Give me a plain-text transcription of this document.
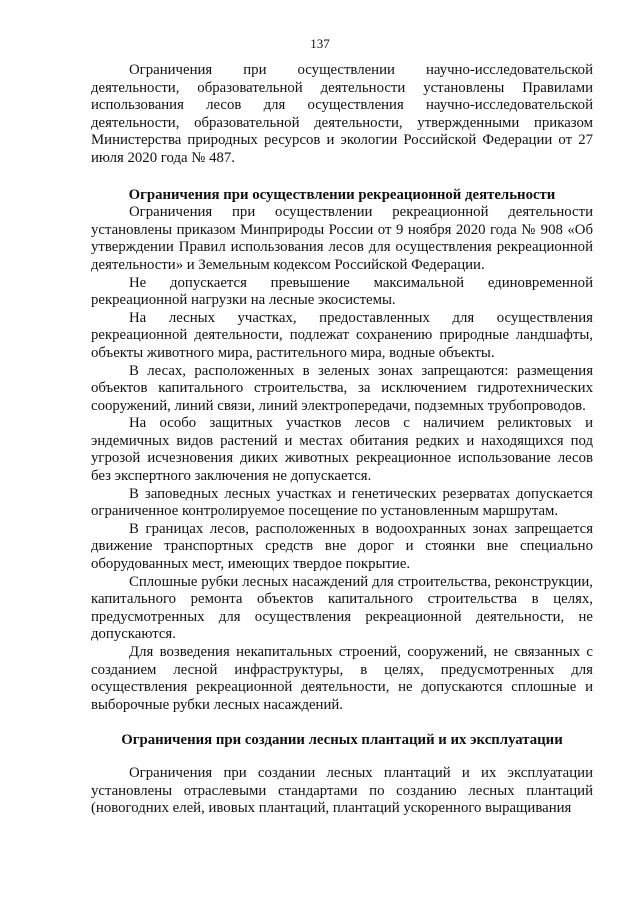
137

Ограничения при осуществлении научно-исследовательской деятельности, образовательной деятельности установлены Правилами использования лесов для осуществления научно-исследовательской деятельности, образовательной деятельности, утвержденными приказом Министерства природных ресурсов и экологии Российской Федерации от 27 июля 2020 года № 487.

Ограничения при осуществлении рекреационной деятельности

Ограничения при осуществлении рекреационной деятельности установлены приказом Минприроды России от 9 ноября 2020 года № 908 «Об утверждении Правил использования лесов для осуществления рекреационной деятельности» и Земельным кодексом Российской Федерации.

Не допускается превышение максимальной единовременной рекреационной нагрузки на лесные экосистемы.

На лесных участках, предоставленных для осуществления рекреационной деятельности, подлежат сохранению природные ландшафты, объекты животного мира, растительного мира, водные объекты.

В лесах, расположенных в зеленых зонах запрещаются: размещения объектов капитального строительства, за исключением гидротехнических сооружений, линий связи, линий электропередачи, подземных трубопроводов.

На особо защитных участков лесов с наличием реликтовых и эндемичных видов растений и местах обитания редких и находящихся под угрозой исчезновения диких животных рекреационное использование лесов без экспертного заключения не допускается.

В заповедных лесных участках и генетических резерватах допускается ограниченное контролируемое посещение по установленным маршрутам.

В границах лесов, расположенных в водоохранных зонах запрещается движение транспортных средств вне дорог и стоянки вне специально оборудованных мест, имеющих твердое покрытие.

Сплошные рубки лесных насаждений для строительства, реконструкции, капитального ремонта объектов капитального строительства в целях, предусмотренных для осуществления рекреационной деятельности, не допускаются.

Для возведения некапитальных строений, сооружений, не связанных с созданием лесной инфраструктуры, в целях, предусмотренных для осуществления рекреационной деятельности, не допускаются сплошные и выборочные рубки лесных насаждений.

Ограничения при создании лесных плантаций и их эксплуатации

Ограничения при создании лесных плантаций и их эксплуатации установлены отраслевыми стандартами по созданию лесных плантаций (новогодних елей, ивовых плантаций, плантаций ускоренного выращивания
